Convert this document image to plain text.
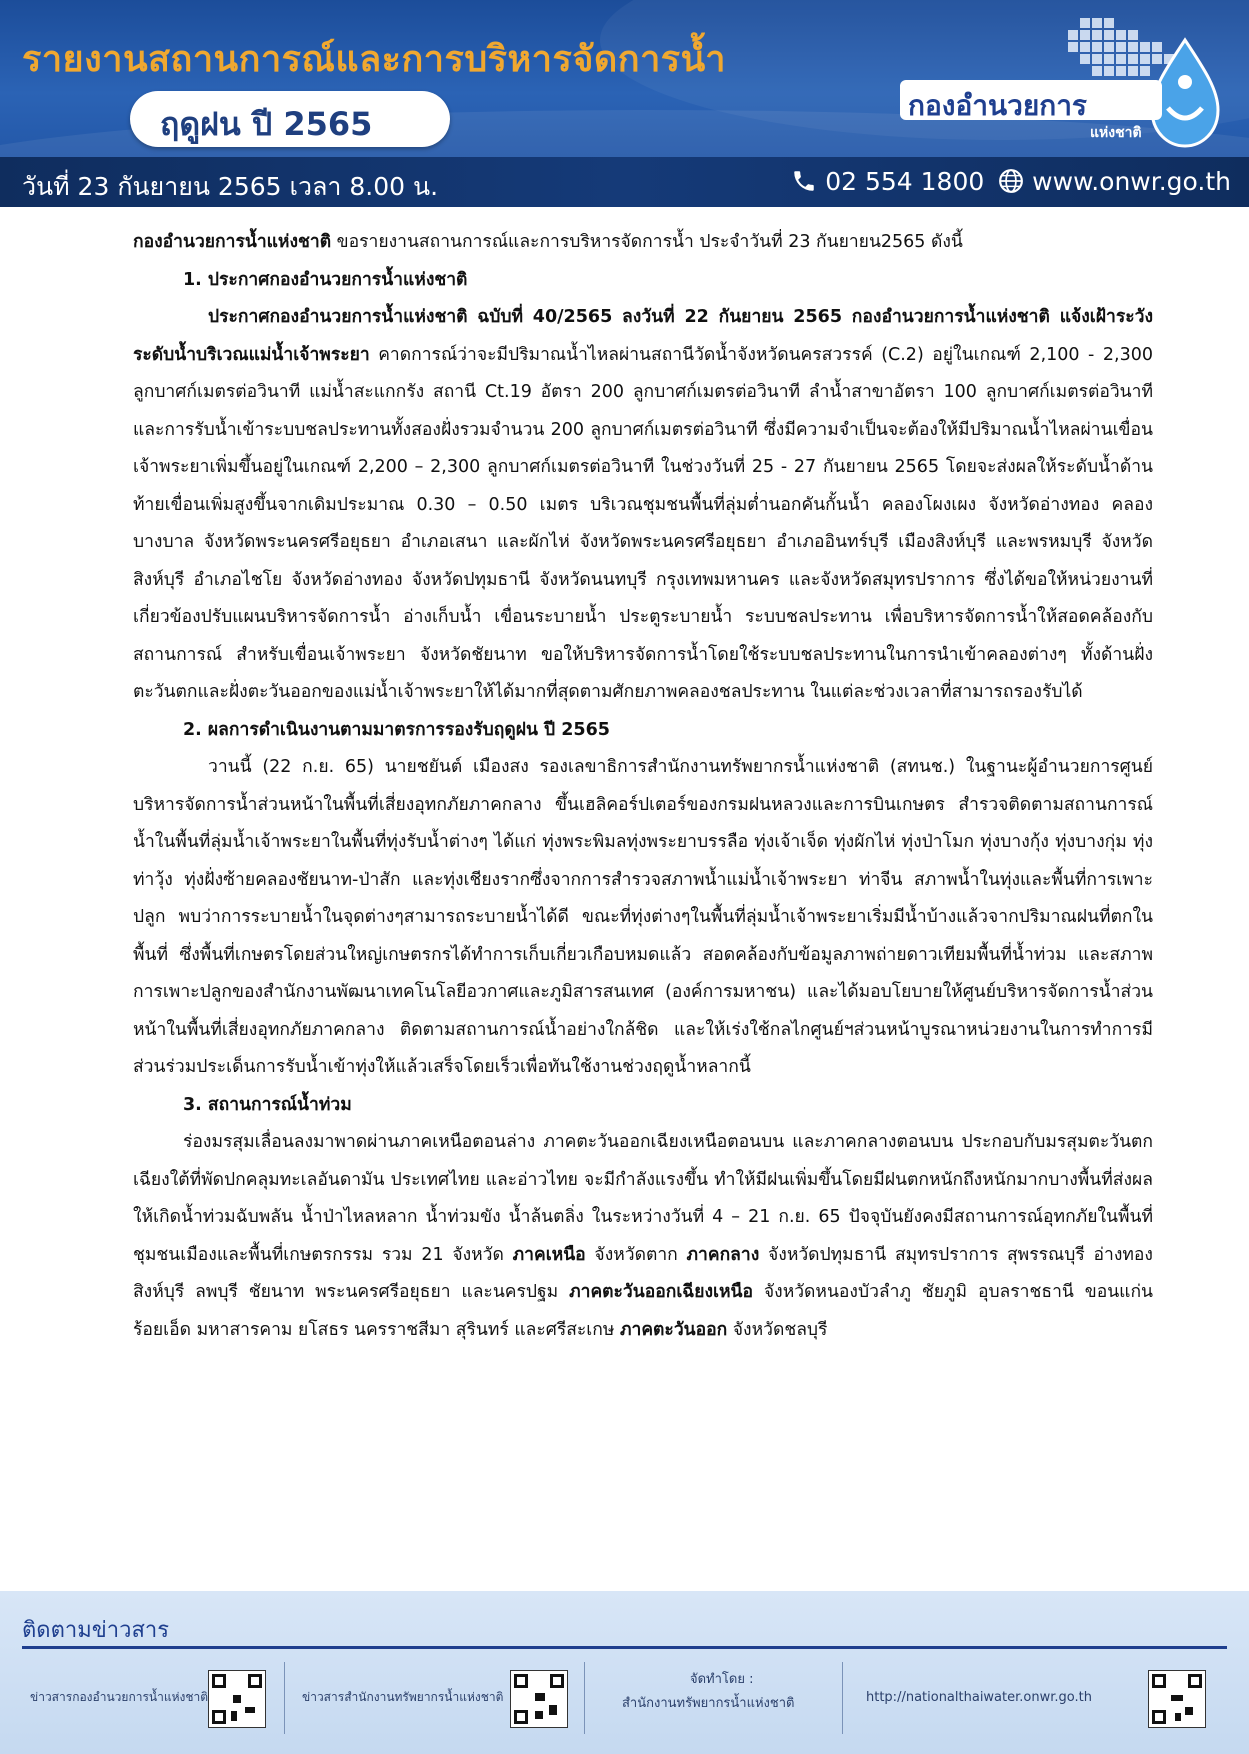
รายงานสถานการณ์และการบริหารจัดการน้ำ
ฤดูฝน ปี 2565	กองอำนวยการ
แห่งชาติ
วันที่ 23 กันยายน 2565 เวลา 8.00 น.	02 554 1800 www.onwr.go.th

กองอำนวยการน้ำแห่งชาติ ขอรายงานสถานการณ์และการบริหารจัดการน้ำ ประจำวันที่ 23 กันยายน2565 ดังนี้

1. ประกาศกองอำนวยการน้ำแห่งชาติ

ประกาศกองอำนวยการน้ำแห่งชาติ ฉบับที่ 40/2565 ลงวันที่ 22 กันยายน 2565 กองอำนวยการน้ำแห่งชาติ แจ้งเฝ้าระวังระดับน้ำบริเวณแม่น้ำเจ้าพระยา คาดการณ์ว่าจะมีปริมาณน้ำไหลผ่านสถานีวัดน้ำจังหวัดนครสวรรค์ (C.2) อยู่ในเกณฑ์ 2,100 - 2,300 ลูกบาศก์เมตรต่อวินาที แม่น้ำสะแกกรัง สถานี Ct.19 อัตรา 200 ลูกบาศก์เมตรต่อวินาที ลำน้ำสาขาอัตรา 100 ลูกบาศก์เมตรต่อวินาที และการรับน้ำเข้าระบบชลประทานทั้งสองฝั่งรวมจำนวน 200 ลูกบาศก์เมตรต่อวินาที ซึ่งมีความจำเป็นจะต้องให้มีปริมาณน้ำไหลผ่านเขื่อนเจ้าพระยาเพิ่มขึ้นอยู่ในเกณฑ์ 2,200 – 2,300 ลูกบาศก์เมตรต่อวินาที ในช่วงวันที่ 25 - 27 กันยายน 2565 โดยจะส่งผลให้ระดับน้ำด้านท้ายเขื่อนเพิ่มสูงขึ้นจากเดิมประมาณ 0.30 – 0.50 เมตร บริเวณชุมชนพื้นที่ลุ่มต่ำนอกคันกั้นน้ำ คลองโผงเผง จังหวัดอ่างทอง คลองบางบาล จังหวัดพระนครศรีอยุธยา อำเภอเสนา และผักไห่ จังหวัดพระนครศรีอยุธยา อำเภออินทร์บุรี เมืองสิงห์บุรี และพรหมบุรี จังหวัดสิงห์บุรี อำเภอไชโย จังหวัดอ่างทอง จังหวัดปทุมธานี จังหวัดนนทบุรี กรุงเทพมหานคร และจังหวัดสมุทรปราการ ซึ่งได้ขอให้หน่วยงานที่เกี่ยวข้องปรับแผนบริหารจัดการน้ำ อ่างเก็บน้ำ เขื่อนระบายน้ำ ประตูระบายน้ำ ระบบชลประทาน เพื่อบริหารจัดการน้ำให้สอดคล้องกับสถานการณ์ สำหรับเขื่อนเจ้าพระยา จังหวัดชัยนาท ขอให้บริหารจัดการน้ำโดยใช้ระบบชลประทานในการนำเข้าคลองต่างๆ ทั้งด้านฝั่งตะวันตกและฝั่งตะวันออกของแม่น้ำเจ้าพระยาให้ได้มากที่สุดตามศักยภาพคลองชลประทาน ในแต่ละช่วงเวลาที่สามารถรองรับได้

2. ผลการดำเนินงานตามมาตรการรองรับฤดูฝน ปี 2565

วานนี้ (22 ก.ย. 65) นายชยันต์ เมืองสง รองเลขาธิการสำนักงานทรัพยากรน้ำแห่งชาติ (สทนช.) ในฐานะผู้อำนวยการศูนย์บริหารจัดการน้ำส่วนหน้าในพื้นที่เสี่ยงอุทกภัยภาคกลาง ขึ้นเฮลิคอร์ปเตอร์ของกรมฝนหลวงและการบินเกษตร สำรวจติดตามสถานการณ์น้ำในพื้นที่ลุ่มน้ำเจ้าพระยาในพื้นที่ทุ่งรับน้ำต่างๆ ได้แก่ ทุ่งพระพิมลทุ่งพระยาบรรลือ ทุ่งเจ้าเจ็ด ทุ่งผักไห่ ทุ่งป่าโมก ทุ่งบางกุ้ง ทุ่งบางกุ่ม ทุ่งท่าวุ้ง ทุ่งฝั่งซ้ายคลองชัยนาท-ป่าสัก และทุ่งเชียงรากซึ่งจากการสำรวจสภาพน้ำแม่น้ำเจ้าพระยา ท่าจีน สภาพน้ำในทุ่งและพื้นที่การเพาะปลูก พบว่าการระบายน้ำในจุดต่างๆสามารถระบายน้ำได้ดี ขณะที่ทุ่งต่างๆในพื้นที่ลุ่มน้ำเจ้าพระยาเริ่มมีน้ำบ้างแล้วจากปริมาณฝนที่ตกในพื้นที่ ซึ่งพื้นที่เกษตรโดยส่วนใหญ่เกษตรกรได้ทำการเก็บเกี่ยวเกือบหมดแล้ว สอดคล้องกับข้อมูลภาพถ่ายดาวเทียมพื้นที่น้ำท่วม และสภาพการเพาะปลูกของสำนักงานพัฒนาเทคโนโลยีอวกาศและภูมิสารสนเทศ (องค์การมหาชน) และได้มอบโยบายให้ศูนย์บริหารจัดการน้ำส่วนหน้าในพื้นที่เสี่ยงอุทกภัยภาคกลาง ติดตามสถานการณ์น้ำอย่างใกล้ชิด และให้เร่งใช้กลไกศูนย์ฯส่วนหน้าบูรณาหน่วยงานในการทำการมีส่วนร่วมประเด็นการรับน้ำเข้าทุ่งให้แล้วเสร็จโดยเร็วเพื่อทันใช้งานช่วงฤดูน้ำหลากนี้

3. สถานการณ์น้ำท่วม

ร่องมรสุมเลื่อนลงมาพาดผ่านภาคเหนือตอนล่าง ภาคตะวันออกเฉียงเหนือตอนบน และภาคกลางตอนบน ประกอบกับมรสุมตะวันตกเฉียงใต้ที่พัดปกคลุมทะเลอันดามัน ประเทศไทย และอ่าวไทย จะมีกำลังแรงขึ้น ทำให้มีฝนเพิ่มขึ้นโดยมีฝนตกหนักถึงหนักมากบางพื้นที่ส่งผลให้เกิดน้ำท่วมฉับพลัน น้ำป่าไหลหลาก น้ำท่วมขัง น้ำล้นตลิ่ง ในระหว่างวันที่ 4 – 21 ก.ย. 65 ปัจจุบันยังคงมีสถานการณ์อุทกภัยในพื้นที่ชุมชนเมืองและพื้นที่เกษตรกรรม รวม 21 จังหวัด ภาคเหนือ จังหวัดตาก ภาคกลาง จังหวัดปทุมธานี สมุทรปราการ สุพรรณบุรี อ่างทอง สิงห์บุรี ลพบุรี ชัยนาท พระนครศรีอยุธยา และนครปฐม ภาคตะวันออกเฉียงเหนือ จังหวัดหนองบัวลำภู ชัยภูมิ อุบลราชธานี ขอนแก่น ร้อยเอ็ด มหาสารคาม ยโสธร นครราชสีมา สุรินทร์ และศรีสะเกษ ภาคตะวันออก จังหวัดชลบุรี

ติดตามข่าวสาร
ข่าวสารกองอำนวยการน้ำแห่งชาติ	ข่าวสารสำนักงานทรัพยากรน้ำแห่งชาติ
จัดทำโดย :
สำนักงานทรัพยากรน้ำแห่งชาติ	http://nationalthaiwater.onwr.go.th
